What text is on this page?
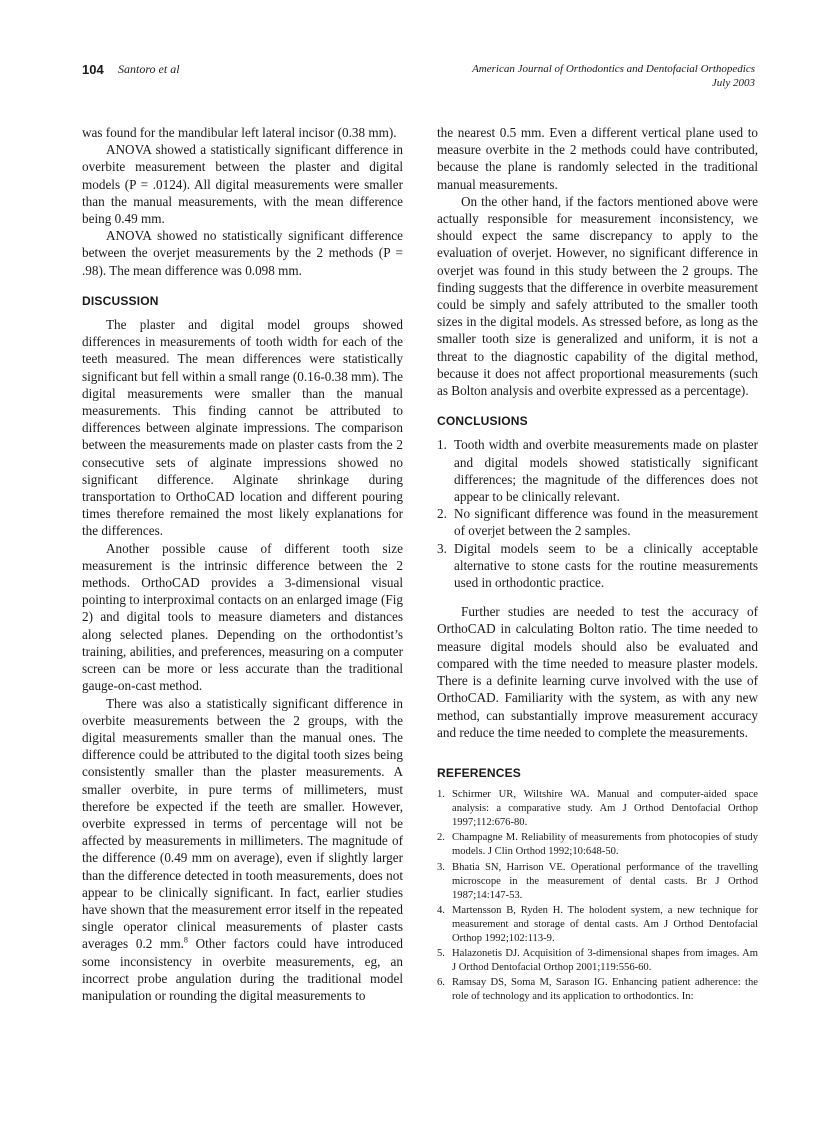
104 Santoro et al	American Journal of Orthodontics and Dentofacial Orthopedics
July 2003

was found for the mandibular left lateral incisor (0.38 mm).

ANOVA showed a statistically significant difference in overbite measurement between the plaster and digital models (P = .0124). All digital measurements were smaller than the manual measurements, with the mean difference being 0.49 mm.

ANOVA showed no statistically significant difference between the overjet measurements by the 2 methods (P = .98). The mean difference was 0.098 mm.

DISCUSSION

The plaster and digital model groups showed differences in measurements of tooth width for each of the teeth measured. The mean differences were statistically significant but fell within a small range (0.16-0.38 mm). The digital measurements were smaller than the manual measurements. This finding cannot be attributed to differences between alginate impressions. The comparison between the measurements made on plaster casts from the 2 consecutive sets of alginate impressions showed no significant difference. Alginate shrinkage during transportation to OrthoCAD location and different pouring times therefore remained the most likely explanations for the differences.

Another possible cause of different tooth size measurement is the intrinsic difference between the 2 methods. OrthoCAD provides a 3-dimensional visual pointing to interproximal contacts on an enlarged image (Fig 2) and digital tools to measure diameters and distances along selected planes. Depending on the orthodontist’s training, abilities, and preferences, measuring on a computer screen can be more or less accurate than the traditional gauge-on-cast method.

There was also a statistically significant difference in overbite measurements between the 2 groups, with the digital measurements smaller than the manual ones. The difference could be attributed to the digital tooth sizes being consistently smaller than the plaster measurements. A smaller overbite, in pure terms of millimeters, must therefore be expected if the teeth are smaller. However, overbite expressed in terms of percentage will not be affected by measurements in millimeters. The magnitude of the difference (0.49 mm on average), even if slightly larger than the difference detected in tooth measurements, does not appear to be clinically significant. In fact, earlier studies have shown that the measurement error itself in the repeated single operator clinical measurements of plaster casts averages 0.2 mm.$^8$ Other factors could have introduced some inconsistency in overbite measurements, eg, an incorrect probe angulation during the traditional model manipulation or rounding the digital measurements to

the nearest 0.5 mm. Even a different vertical plane used to measure overbite in the 2 methods could have contributed, because the plane is randomly selected in the traditional manual measurements.

On the other hand, if the factors mentioned above were actually responsible for measurement inconsistency, we should expect the same discrepancy to apply to the evaluation of overjet. However, no significant difference in overjet was found in this study between the 2 groups. The finding suggests that the difference in overbite measurement could be simply and safely attributed to the smaller tooth sizes in the digital models. As stressed before, as long as the smaller tooth size is generalized and uniform, it is not a threat to the diagnostic capability of the digital method, because it does not affect proportional measurements (such as Bolton analysis and overbite expressed as a percentage).

CONCLUSIONS
1. Tooth width and overbite measurements made on plaster and digital models showed statistically significant differences; the magnitude of the differences does not appear to be clinically relevant.
2. No significant difference was found in the measurement of overjet between the 2 samples.
3. Digital models seem to be a clinically acceptable alternative to stone casts for the routine measurements used in orthodontic practice.

Further studies are needed to test the accuracy of OrthoCAD in calculating Bolton ratio. The time needed to measure digital models should also be evaluated and compared with the time needed to measure plaster models. There is a definite learning curve involved with the use of OrthoCAD. Familiarity with the system, as with any new method, can substantially improve measurement accuracy and reduce the time needed to complete the measurements.

REFERENCES
1. Schirmer UR, Wiltshire WA. Manual and computer-aided space analysis: a comparative study. Am J Orthod Dentofacial Orthop 1997;112:676-80.
2. Champagne M. Reliability of measurements from photocopies of study models. J Clin Orthod 1992;10:648-50.
3. Bhatia SN, Harrison VE. Operational performance of the travelling microscope in the measurement of dental casts. Br J Orthod 1987;14:147-53.
4. Martensson B, Ryden H. The holodent system, a new technique for measurement and storage of dental casts. Am J Orthod Dentofacial Orthop 1992;102:113-9.
5. Halazonetis DJ. Acquisition of 3-dimensional shapes from images. Am J Orthod Dentofacial Orthop 2001;119:556-60.
6. Ramsay DS, Soma M, Sarason IG. Enhancing patient adherence: the role of technology and its application to orthodontics. In:
